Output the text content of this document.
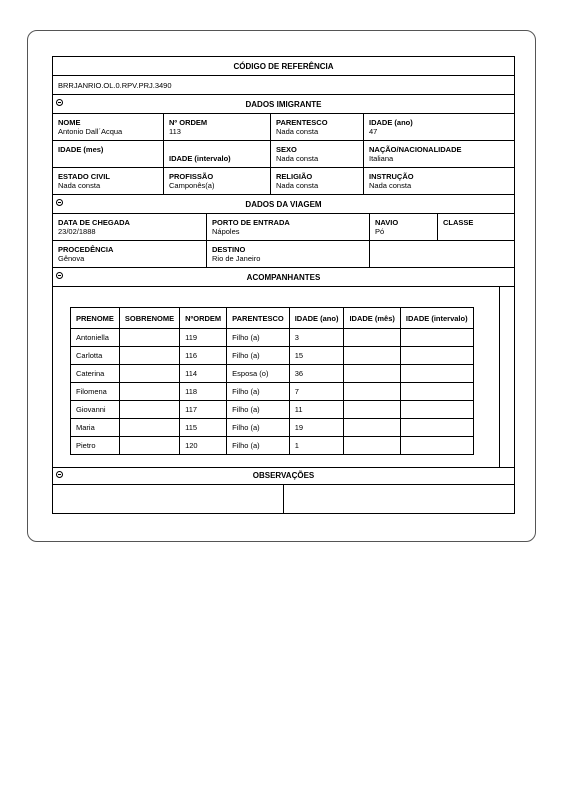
CÓDIGO DE REFERÊNCIA
BRRJANRIO.OL.0.RPV.PRJ.3490
DADOS IMIGRANTE
NOME
Antonio Dall´Acqua
Nº ORDEM
113
PARENTESCO
Nada consta
IDADE (ano)
47
IDADE (mes)
IDADE (intervalo)
SEXO
Nada consta
NAÇÃO/NACIONALIDADE
Italiana
ESTADO CIVIL
Nada consta
PROFISSÃO
Camponês(a)
RELIGIÃO
Nada consta
INSTRUÇÃO
Nada consta
DADOS DA VIAGEM
DATA DE CHEGADA
23/02/1888
PORTO DE ENTRADA
Nápoles
NAVIO
Pó
CLASSE
PROCEDÊNCIA
Gênova
DESTINO
Rio de Janeiro
ACOMPANHANTES
PRENOME	SOBRENOME	NºORDEM	PARENTESCO	IDADE (ano)	IDADE (mês)	IDADE (intervalo)
Antoniella		119	Filho (a)	3		
Carlotta		116	Filho (a)	15		
Caterina		114	Esposa (o)	36		
Filomena		118	Filho (a)	7		
Giovanni		117	Filho (a)	11		
Maria		115	Filho (a)	19		
Pietro		120	Filho (a)	1		
OBSERVAÇÕES
